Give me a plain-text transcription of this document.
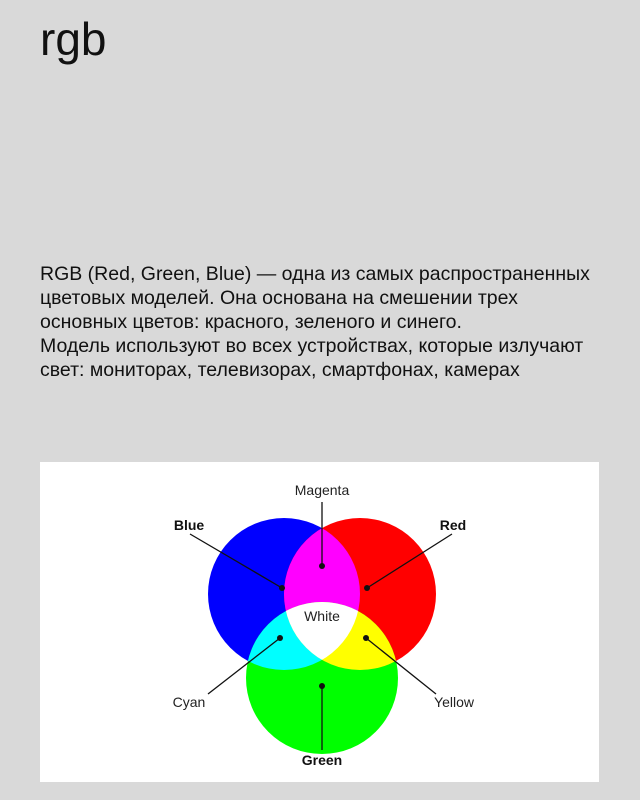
rgb

RGB (Red, Green, Blue) — одна из самых распространенных цветовых моделей. Она основана на смешении трех основных цветов: красного, зеленого и синего.

Модель используют во всех устройствах, которые излучают свет: мониторах, телевизорах, смартфонах, камерах

Magenta
Blue	Red
White
Cyan	Yellow
Green
